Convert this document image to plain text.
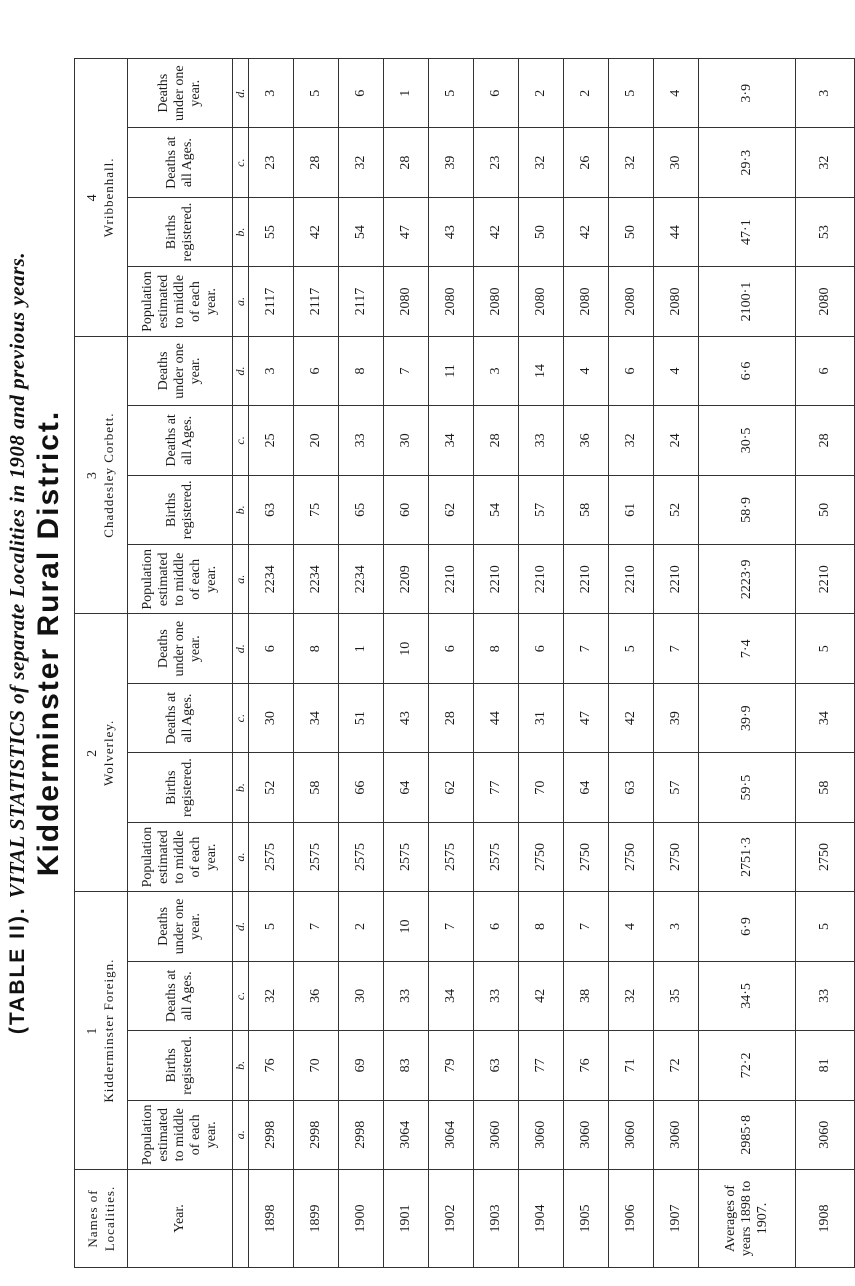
(TABLE II).VITAL STATISTICS of separate Localities in 1908 and previous years. Kidderminster Rural District.
Names of Localities.	1 Kidderminster Foreign.				2 Wolverley.				3 Chaddesley Corbett.				4 Wribbenhall.			
Year.	Population estimated to middle of each year.	Births registered.	Deaths at all Ages.	Deaths under one year.	Population estimated to middle of each year.	Births registered.	Deaths at all Ages.	Deaths under one year.	Population estimated to middle of each year.	Births registered.	Deaths at all Ages.	Deaths under one year.	Population estimated to middle of each year.	Births registered.	Deaths at all Ages.	Deaths under one year.
	a.	b.	c.	d.	a.	b.	c.	d.	a.	b.	c.	d.	a.	b.	c.	d.
1898	2998	76	32	5	2575	52	30	6	2234	63	25	3	2117	55	23	3
1899	2998	70	36	7	2575	58	34	8	2234	75	20	6	2117	42	28	5
1900	2998	69	30	2	2575	66	51	1	2234	65	33	8	2117	54	32	6
1901	3064	83	33	10	2575	64	43	10	2209	60	30	7	2080	47	28	1
1902	3064	79	34	7	2575	62	28	6	2210	62	34	11	2080	43	39	5
1903	3060	63	33	6	2575	77	44	8	2210	54	28	3	2080	42	23	6
1904	3060	77	42	8	2750	70	31	6	2210	57	33	14	2080	50	32	2
1905	3060	76	38	7	2750	64	47	7	2210	58	36	4	2080	42	26	2
1906	3060	71	32	4	2750	63	42	5	2210	61	32	6	2080	50	32	5
1907	3060	72	35	3	2750	57	39	7	2210	52	24	4	2080	44	30	4
Averages of years 1898 to 1907.	2985·8	72·2	34·5	6·9	2751·3	59·5	39·9	7·4	2223·9	58·9	30·5	6·6	2100·1	47·1	29·3	3·9
1908	3060	81	33	5	2750	58	34	5	2210	50	28	6	2080	53	32	3
